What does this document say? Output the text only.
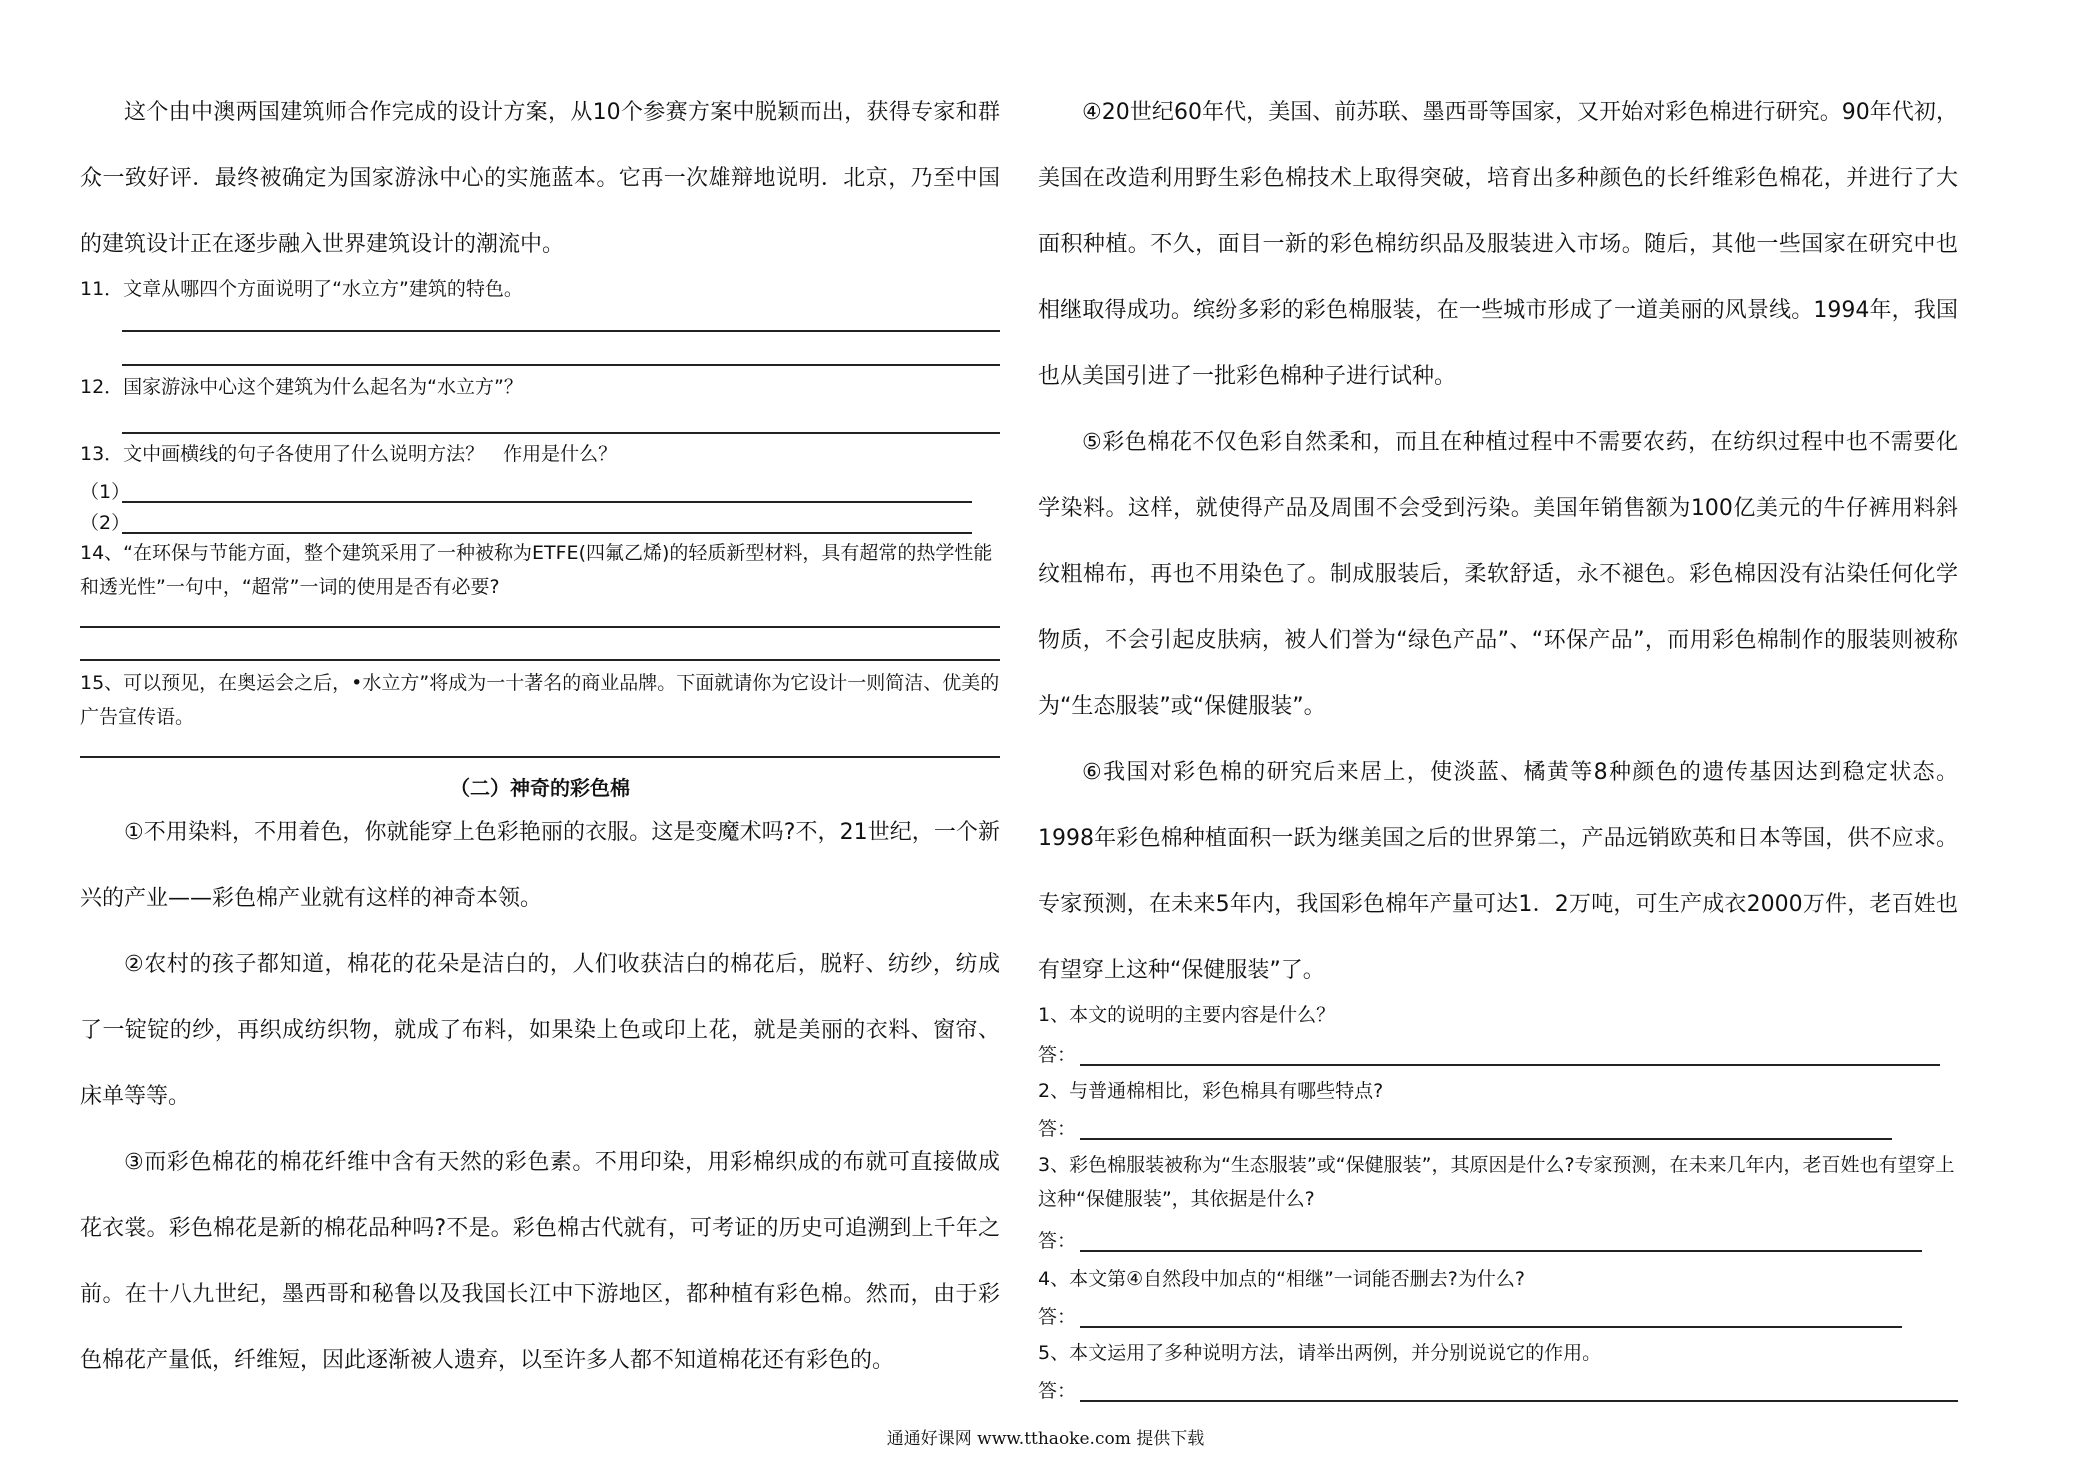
这个由中澳两国建筑师合作完成的设计方案，从10个参赛方案中脱颖而出，获得专家和群众一致好评．最终被确定为国家游泳中心的实施蓝本。它再一次雄辩地说明．北京，乃至中国的建筑设计正在逐步融入世界建筑设计的潮流中。

11．文章从哪四个方面说明了“水立方”建筑的特色。

12．国家游泳中心这个建筑为什么起名为“水立方”？

13．文中画横线的句子各使用了什么说明方法？　作用是什么？

（1）
（2）

14、“在环保与节能方面，整个建筑采用了一种被称为ETFE(四氟乙烯)的轻质新型材料，具有超常的热学性能和透光性”一句中，“超常”一词的使用是否有必要?

15、可以预见，在奥运会之后，•水立方”将成为一十著名的商业品牌。下面就请你为它设计一则简洁、优美的广告宣传语。

（二）神奇的彩色棉

①不用染料，不用着色，你就能穿上色彩艳丽的衣服。这是变魔术吗?不，21世纪，一个新兴的产业——彩色棉产业就有这样的神奇本领。

②农村的孩子都知道，棉花的花朵是洁白的，人们收获洁白的棉花后，脱籽、纺纱，纺成了一锭锭的纱，再织成纺织物，就成了布料，如果染上色或印上花，就是美丽的衣料、窗帘、床单等等。

③而彩色棉花的棉花纤维中含有天然的彩色素。不用印染，用彩棉织成的布就可直接做成花衣裳。彩色棉花是新的棉花品种吗?不是。彩色棉古代就有，可考证的历史可追溯到上千年之前。在十八九世纪，墨西哥和秘鲁以及我国长江中下游地区，都种植有彩色棉。然而，由于彩色棉花产量低，纤维短，因此逐渐被人遗弃，以至许多人都不知道棉花还有彩色的。

④20世纪60年代，美国、前苏联、墨西哥等国家，又开始对彩色棉进行研究。90年代初，美国在改造利用野生彩色棉技术上取得突破，培育出多种颜色的长纤维彩色棉花，并进行了大面积种植。不久，面目一新的彩色棉纺织品及服装进入市场。随后，其他一些国家在研究中也相继取得成功。缤纷多彩的彩色棉服装，在一些城市形成了一道美丽的风景线。1994年，我国也从美国引进了一批彩色棉种子进行试种。

⑤彩色棉花不仅色彩自然柔和，而且在种植过程中不需要农药，在纺织过程中也不需要化学染料。这样，就使得产品及周围不会受到污染。美国年销售额为100亿美元的牛仔裤用料斜纹粗棉布，再也不用染色了。制成服装后，柔软舒适，永不褪色。彩色棉因没有沾染任何化学物质，不会引起皮肤病，被人们誉为“绿色产品”、“环保产品”，而用彩色棉制作的服装则被称为“生态服装”或“保健服装”。

⑥我国对彩色棉的研究后来居上，使淡蓝、橘黄等8种颜色的遗传基因达到稳定状态。1998年彩色棉种植面积一跃为继美国之后的世界第二，产品远销欧英和日本等国，供不应求。 专家预测，在未来5年内，我国彩色棉年产量可达1．2万吨，可生产成衣2000万件，老百姓也有望穿上这种“保健服装”了。

1、本文的说明的主要内容是什么？

答：

2、与普通棉相比，彩色棉具有哪些特点?

答：

3、彩色棉服装被称为“生态服装”或“保健服装”，其原因是什么?专家预测，在未来几年内，老百姓也有望穿上这种“保健服装”，其依据是什么?

答：

4、本文第④自然段中加点的“相继”一词能否删去?为什么?

答：

5、本文运用了多种说明方法，请举出两例，并分别说说它的作用。

答：
通通好课网 www.tthaoke.com 提供下载
